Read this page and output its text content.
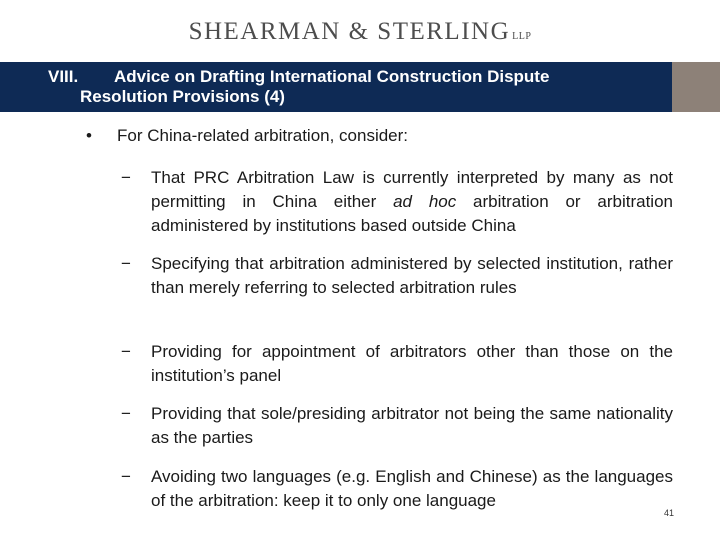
SHEARMAN & STERLING LLP
VIII. Advice on Drafting International Construction Dispute
Resolution Provisions (4)
• For China-related arbitration, consider:
− That PRC Arbitration Law is currently interpreted by many as not permitting in China either ad hoc arbitration or arbitration administered by institutions based outside China
− Specifying that arbitration administered by selected institution, rather than merely referring to selected arbitration rules
− Providing for appointment of arbitrators other than those on the institution’s panel
− Providing that sole/presiding arbitrator not being the same nationality as the parties
− Avoiding two languages (e.g. English and Chinese) as the languages of the arbitration: keep it to only one language
41
